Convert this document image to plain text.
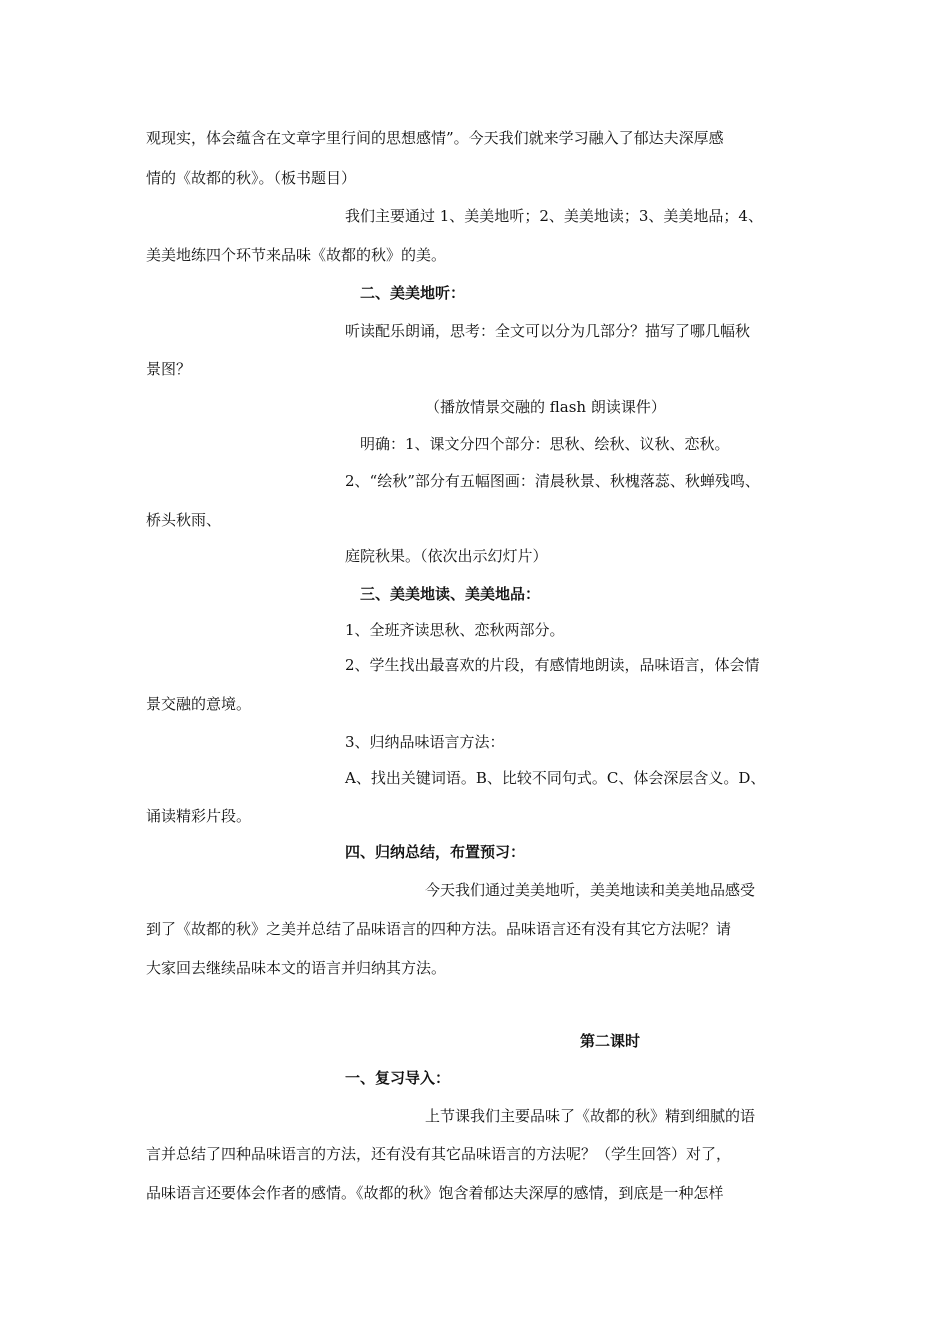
观现实，体会蕴含在文章字里行间的思想感情”。今天我们就来学习融入了郁达夫深厚感
情的《故都的秋》。（板书题目）
我们主要通过 1、美美地听；2、美美地读；3、美美地品；4、
美美地练四个环节来品味《故都的秋》的美。
二、美美地听：
听读配乐朗诵，思考：全文可以分为几部分？描写了哪几幅秋
景图？
（播放情景交融的 flash 朗读课件）
明确：1、课文分四个部分：思秋、绘秋、议秋、恋秋。
2、“绘秋”部分有五幅图画：清晨秋景、秋槐落蕊、秋蝉残鸣、
桥头秋雨、
庭院秋果。（依次出示幻灯片）
三、美美地读、美美地品：
1、全班齐读思秋、恋秋两部分。
2、学生找出最喜欢的片段，有感情地朗读，品味语言，体会情
景交融的意境。
3、归纳品味语言方法：
A、找出关键词语。B、比较不同句式。C、体会深层含义。D、
诵读精彩片段。
四、归纳总结，布置预习：
今天我们通过美美地听，美美地读和美美地品感受
到了《故都的秋》之美并总结了品味语言的四种方法。品味语言还有没有其它方法呢？请
大家回去继续品味本文的语言并归纳其方法。
第二课时
一、复习导入：
上节课我们主要品味了《故都的秋》精到细腻的语
言并总结了四种品味语言的方法，还有没有其它品味语言的方法呢？（学生回答）对了，
品味语言还要体会作者的感情。《故都的秋》饱含着郁达夫深厚的感情，到底是一种怎样
